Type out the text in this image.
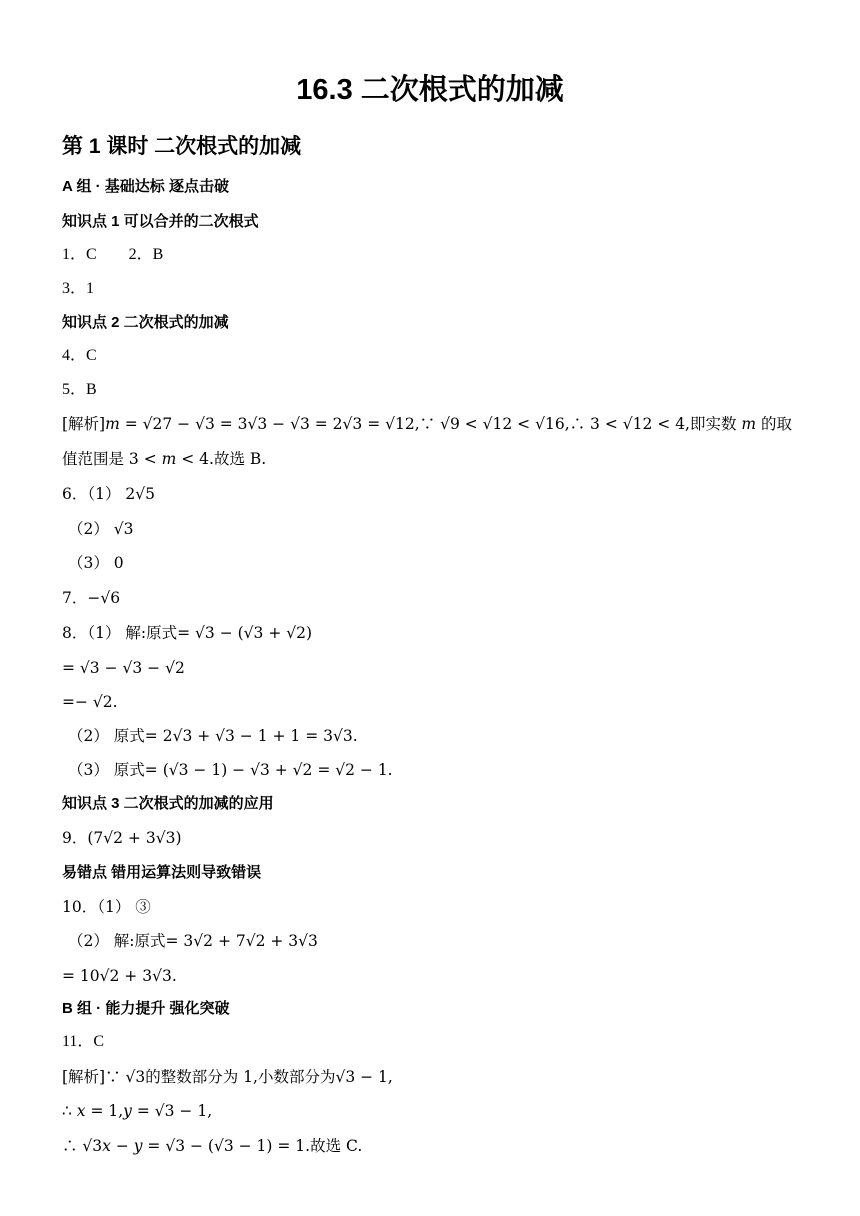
16.3 二次根式的加减
第 1 课时 二次根式的加减
A 组 · 基础达标 逐点击破
知识点 1 可以合并的二次根式
1．C　　2．B
3．1
知识点 2 二次根式的加减
4．C
5．B
[解析]𝑚 = √27 − √3 = 3√3 − √3 = 2√3 = √12,∵ √9 < √12 < √16,∴ 3 < √12 < 4,即实数 𝑚 的取
值范围是 3 < 𝑚 < 4.故选 B.
6．（1） 2√5
（2） √3
（3） 0
7．−√6
8．（1） 解:原式= √3 − (√3 + √2)
= √3 − √3 − √2
=− √2.
（2） 原式= 2√3 + √3 − 1 + 1 = 3√3.
（3） 原式= (√3 − 1) − √3 + √2 = √2 − 1.
知识点 3 二次根式的加减的应用
9．(7√2 + 3√3)
易错点 错用运算法则导致错误
10．（1） ③
（2） 解:原式= 3√2 + 7√2 + 3√3
= 10√2 + 3√3.
B 组 · 能力提升 强化突破
11．C
[解析]∵ √3的整数部分为 1,小数部分为√3 − 1,
∴ 𝑥 = 1,𝑦 = √3 − 1,
∴ √3𝑥 − 𝑦 = √3 − (√3 − 1) = 1.故选 C.
